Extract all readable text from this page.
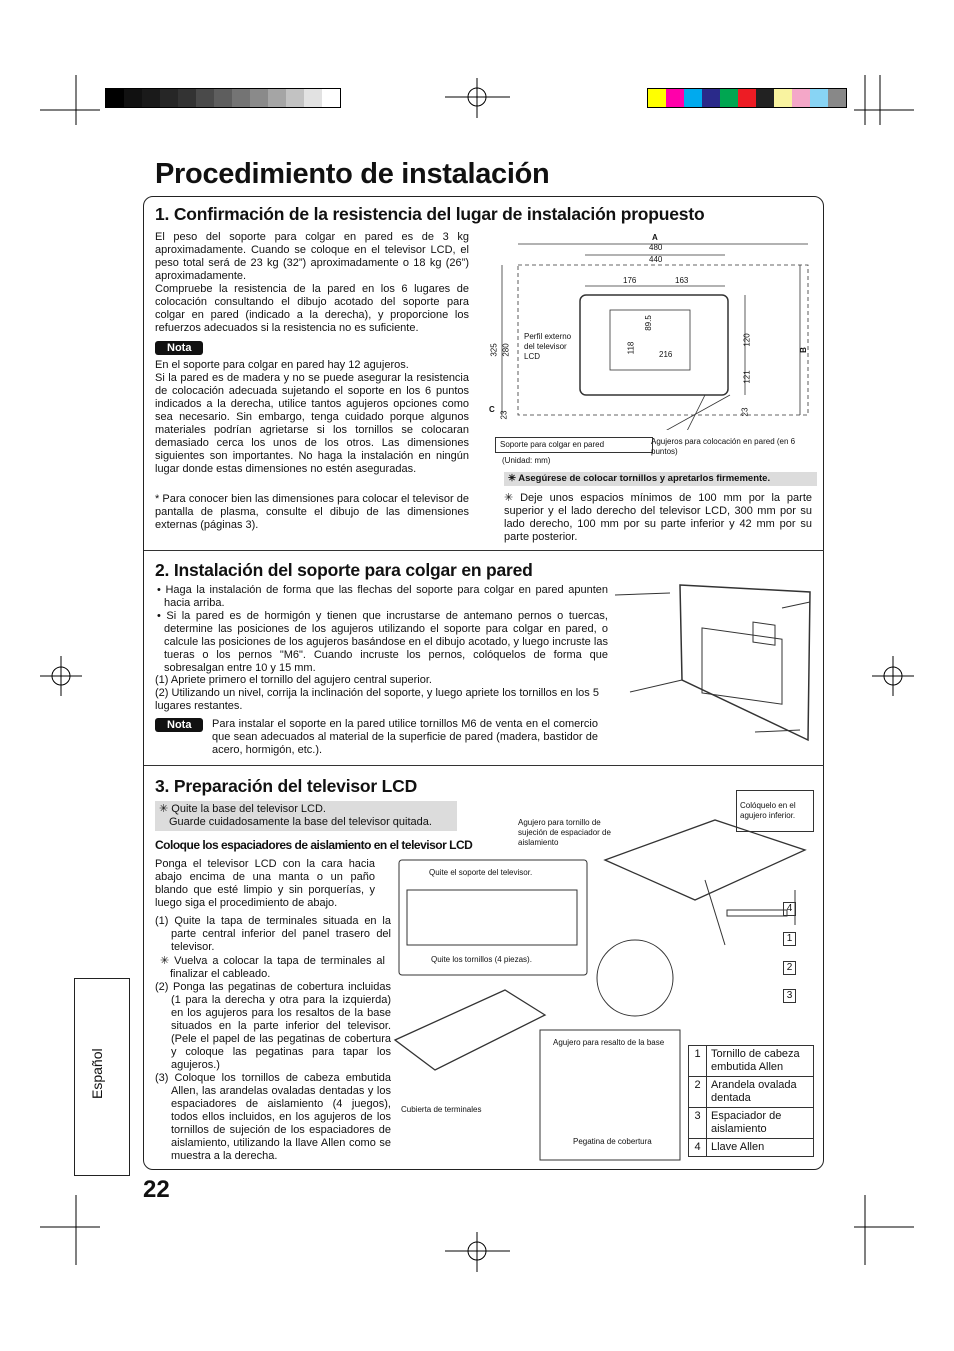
Procedimiento de instalación
1. Confirmación de la resistencia del lugar de instalación propuesto
El peso del soporte para colgar en pared es de 3 kg aproximadamente. Cuando se coloque en el televisor LCD, el peso total será de 23 kg (32”) aproximadamente o 18 kg (26”) aproximadamente.
Compruebe la resistencia de la pared en los 6 lugares de colocación consultando el dibujo acotado del soporte para colgar en pared (indicado a la derecha), y proporcione los refuerzos adecuados si la resistencia no es suficiente.
Nota
En el soporte para colgar en pared hay 12 agujeros.
Si la pared es de madera y no se puede asegurar la resistencia de colocación adecuada sujetando el soporte en los 6 puntos indicados a la derecha, utilice tantos agujeros opciones como sea necesario. Sin embargo, tenga cuidado porque algunos materiales podrían agrietarse si los tornillos se colocaran demasiado cerca los unos de los otros. Las dimensiones siguientes son importantes. No haga la instalación en ningún lugar donde estas dimensiones no estén aseguradas.
* Para conocer bien las dimensiones para colocar el televisor de pantalla de plasma, consulte el dibujo de las dimensiones externas (páginas 3).
A
480
440
176	163
216
89.5
118
325 280
C
23
120
121
23
B
Perfil externo del televisor LCD
Soporte para colgar en pared	Agujeros para colocación en pared (en 6 puntos)
(Unidad: mm)
✳ Asegúrese de colocar tornillos y apretarlos firmemente.
✳ Deje unos espacios mínimos de 100 mm por la parte superior y el lado derecho del televisor LCD, 300 mm por su lado derecho, 100 mm por su parte inferior y 42 mm por su parte posterior.
2. Instalación del soporte para colgar en pared
• Haga la instalación de forma que las flechas del soporte para colgar en pared apunten hacia arriba.
• Si la pared es de hormigón y tienen que incrustarse de antemano pernos o tuercas, determine las posiciones de los agujeros utilizando el soporte para colgar en pared, o calcule las posiciones de los agujeros basándose en el dibujo acotado, y luego incruste las tueras o los pernos "M6". Cuando incruste los pernos, colóquelos de forma que sobresalgan entre 10 y 15 mm.
(1) Apriete primero el tornillo del agujero central superior.
(2) Utilizando un nivel, corrija la inclinación del soporte, y luego apriete los tornillos en los 5 lugares restantes.
Nota	Para instalar el soporte en la pared utilice tornillos M6 de venta en el comercio que sean adecuados al material de la superficie de pared (madera, bastidor de acero, hormigón, etc.).
3. Preparación del televisor LCD
✳ Quite la base del televisor LCD.
Guarde cuidadosamente la base del televisor quitada.
Coloque los espaciadores de aislamiento en el televisor LCD
Ponga el televisor LCD con la cara hacia abajo encima de una manta o un paño blando que esté limpio y sin porquerías, y luego siga el procedimiento de abajo.
(1) Quite la tapa de terminales situada en la parte central inferior del panel trasero del televisor.
✳ Vuelva a colocar la tapa de terminales al finalizar el cableado.
(2) Ponga las pegatinas de cobertura incluidas (1 para la derecha y otra para la izquierda) en los agujeros para los resaltos de la base situados en la parte inferior del televisor. (Pele el papel de las pegatinas de cobertura y coloque las pegatinas para tapar los agujeros.)
(3) Coloque los tornillos de cabeza embutida Allen, las arandelas ovaladas dentadas y los espaciadores de aislamiento (4 juegos), todos ellos incluidos, en los agujeros de los tornillos de sujeción de los espaciadores de aislamiento, utilizando la llave Allen como se muestra a la derecha.
Agujero para tornillo de sujeción de espaciador de aislamiento
Colóquelo en el agujero inferior.
Quite el soporte del televisor.
Quite los tornillos (4 piezas).
Agujero para resalto de la base
Cubierta de terminales
Pegatina de cobertura
4
1
2
3
1	Tornillo de cabeza embutida Allen
2	Arandela ovalada dentada
3	Espaciador de aislamiento
4	Llave Allen
Español
22
